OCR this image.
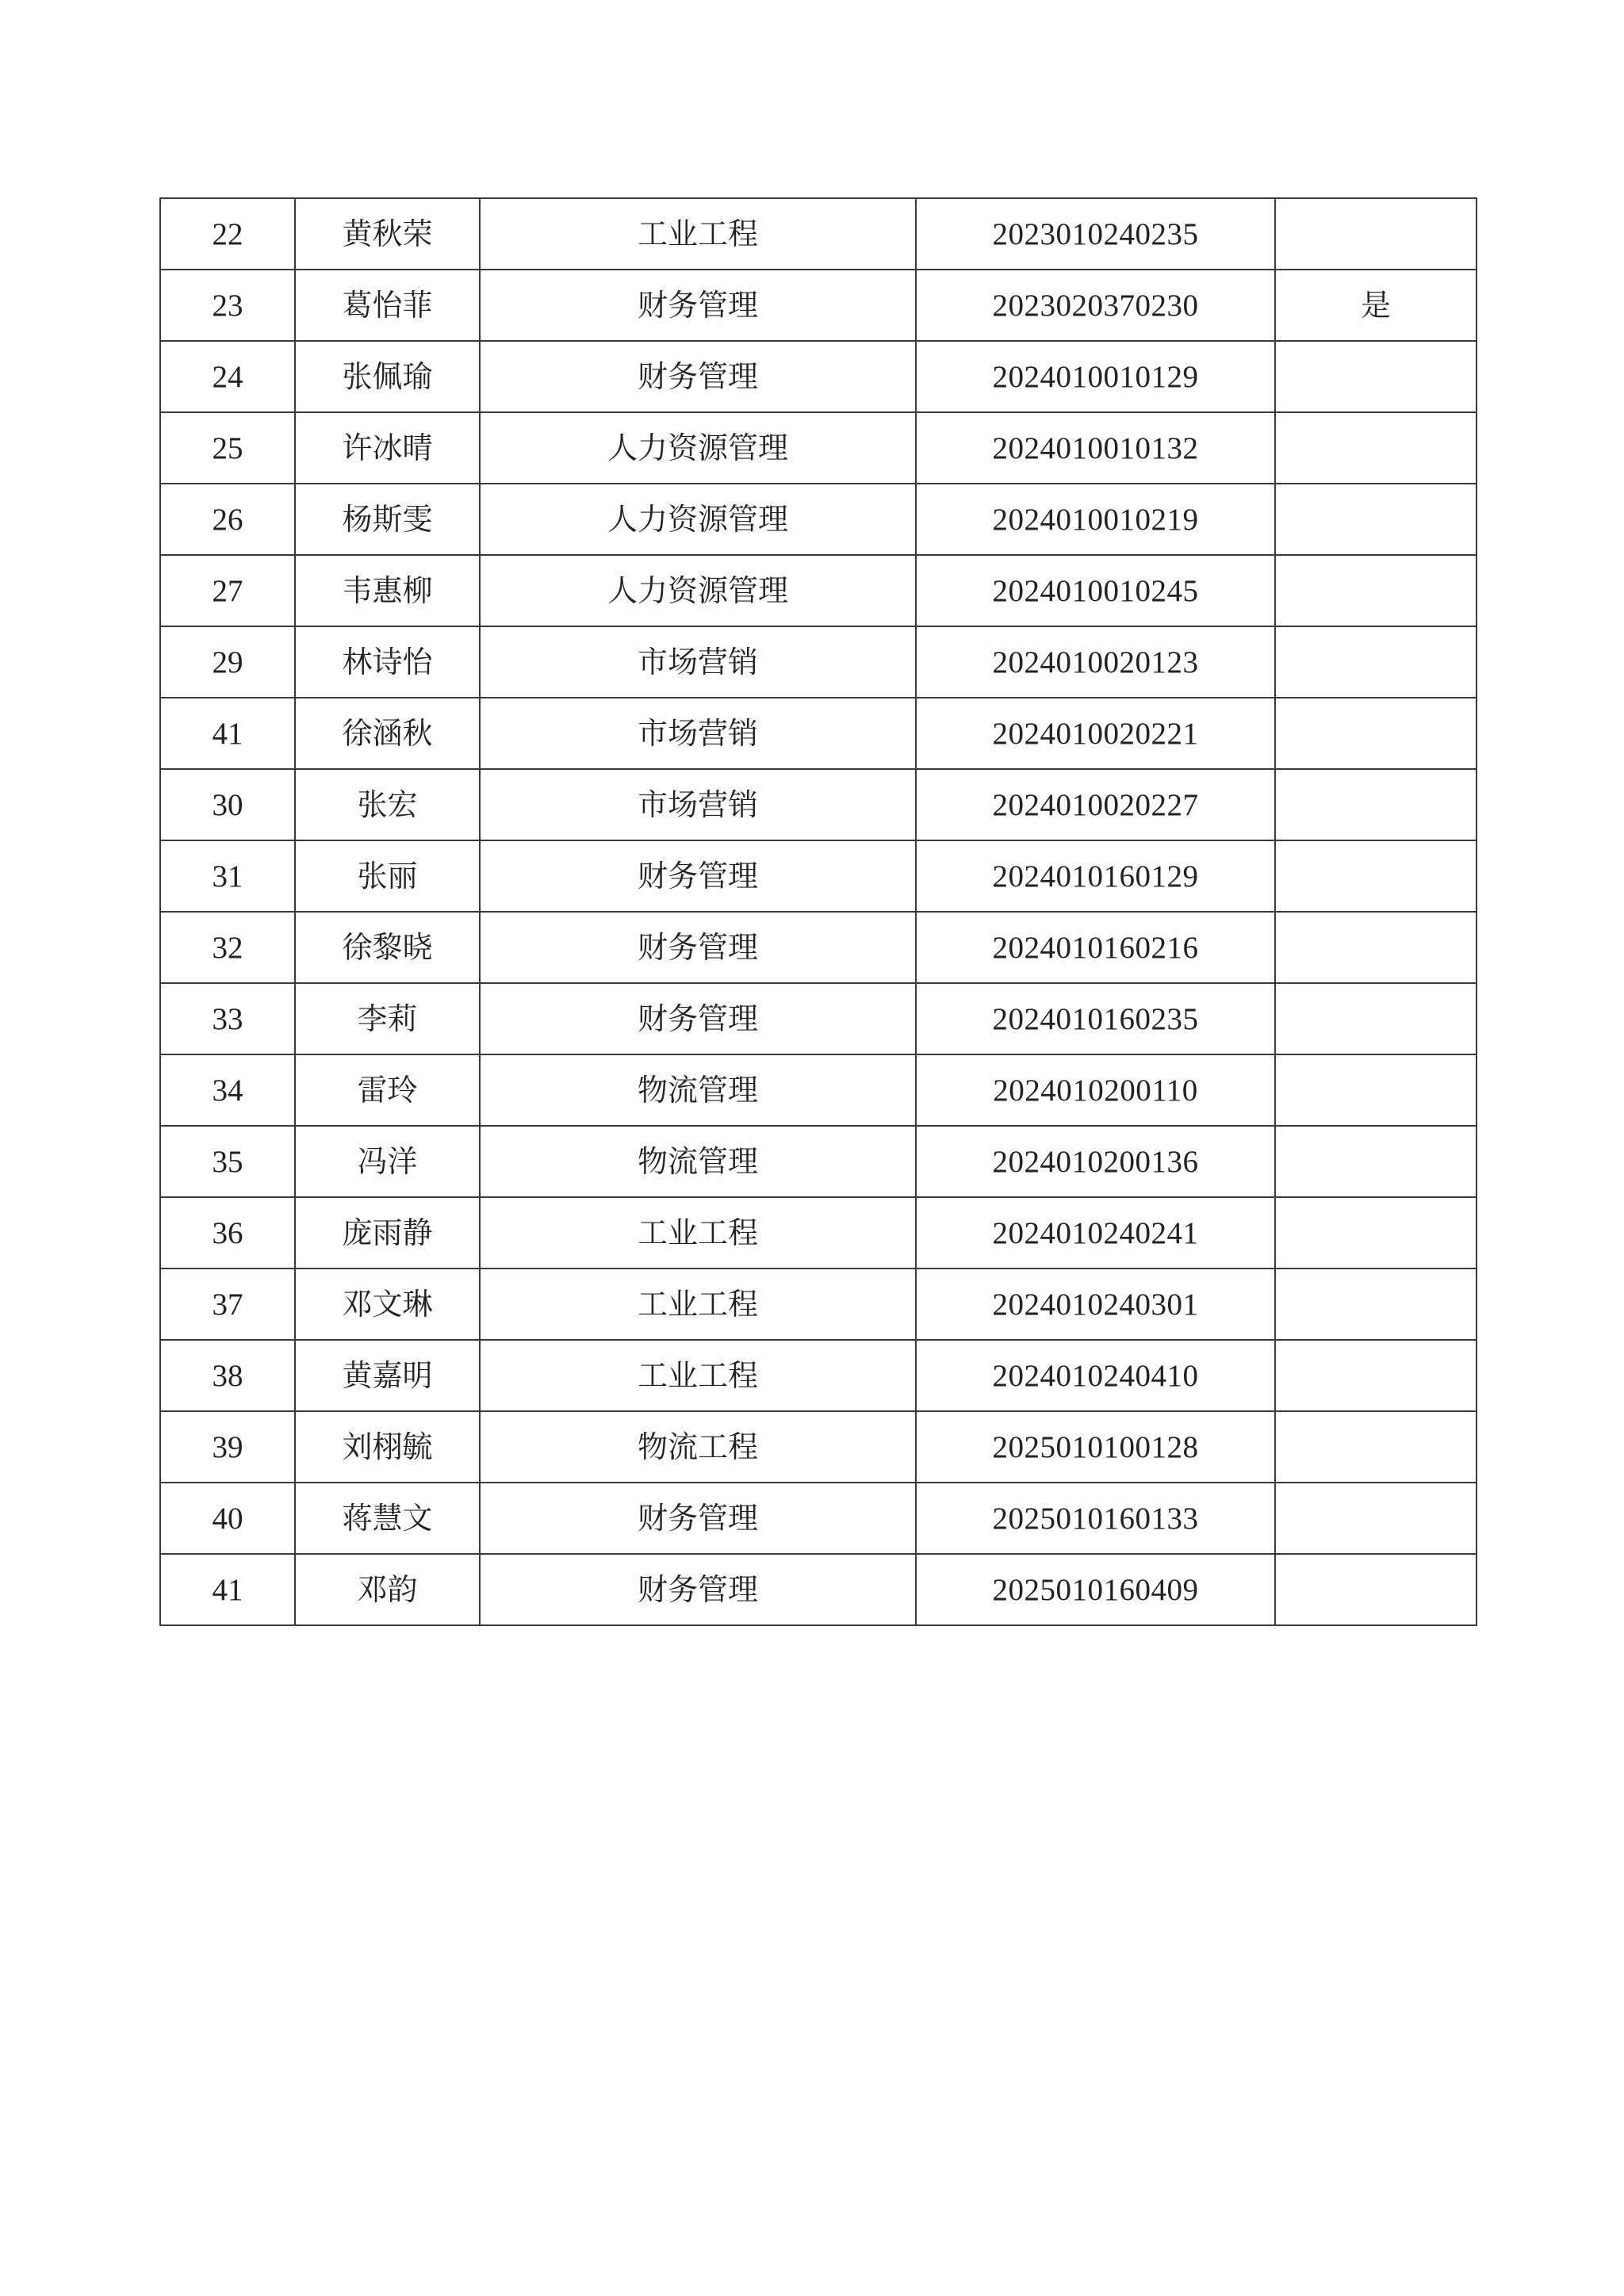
22	黄秋荣	工业工程	2023010240235	
23	葛怡菲	财务管理	2023020370230	是
24	张佩瑜	财务管理	2024010010129	
25	许冰晴	人力资源管理	2024010010132	
26	杨斯雯	人力资源管理	2024010010219	
27	韦惠柳	人力资源管理	2024010010245	
29	林诗怡	市场营销	2024010020123	
41	徐涵秋	市场营销	2024010020221	
30	张宏	市场营销	2024010020227	
31	张丽	财务管理	2024010160129	
32	徐黎晓	财务管理	2024010160216	
33	李莉	财务管理	2024010160235	
34	雷玲	物流管理	2024010200110	
35	冯洋	物流管理	2024010200136	
36	庞雨静	工业工程	2024010240241	
37	邓文琳	工业工程	2024010240301	
38	黄嘉明	工业工程	2024010240410	
39	刘栩毓	物流工程	2025010100128	
40	蒋慧文	财务管理	2025010160133	
41	邓韵	财务管理	2025010160409	
